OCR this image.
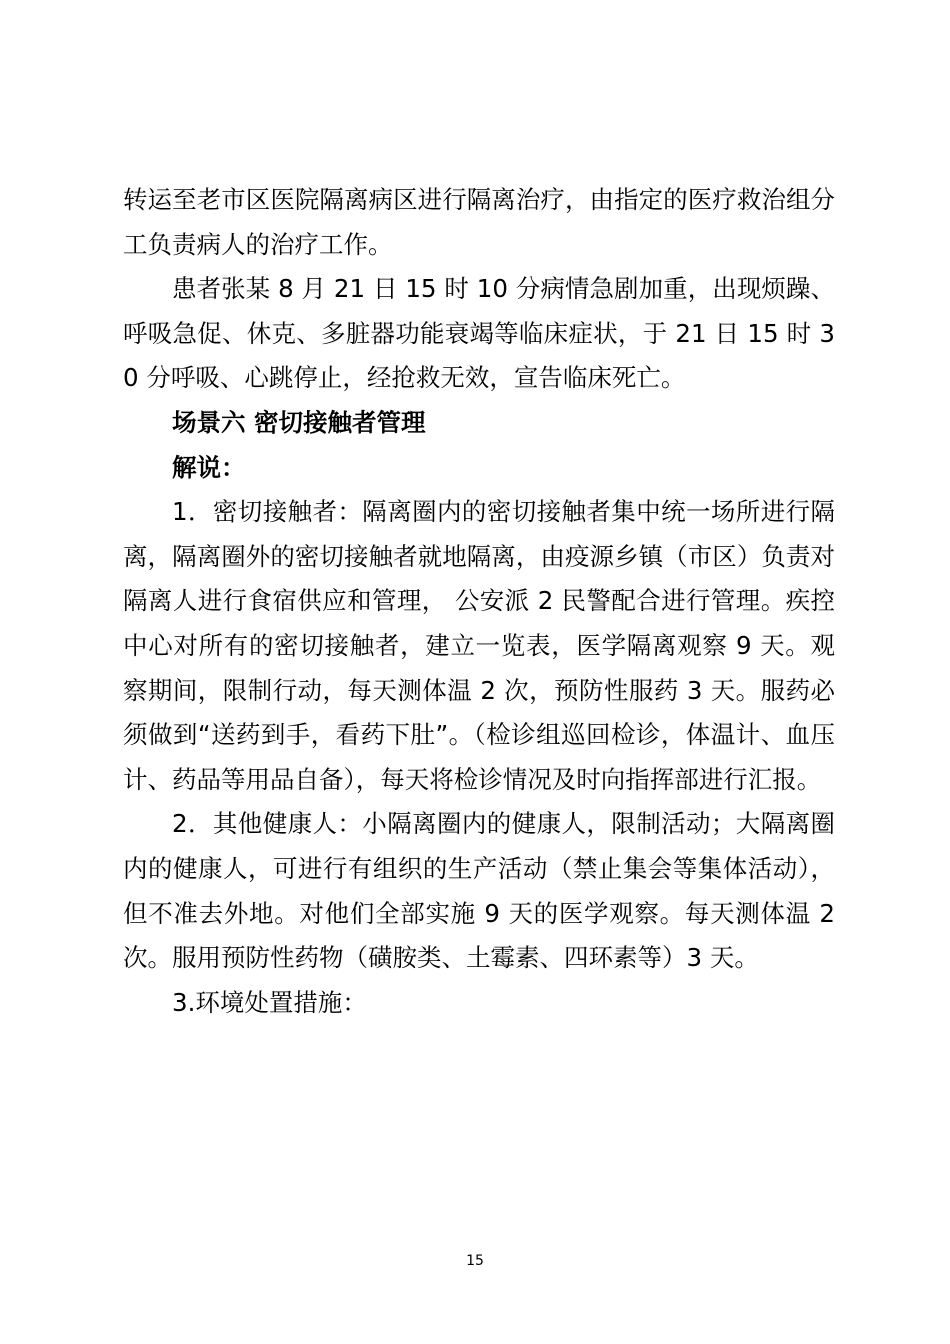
转运至老市区医院隔离病区进行隔离治疗，由指定的医疗救治组分工负责病人的治疗工作。

患者张某 8 月 21 日 15 时 10 分病情急剧加重，出现烦躁、呼吸急促、休克、多脏器功能衰竭等临床症状，于 21 日 15 时 30 分呼吸、心跳停止，经抢救无效，宣告临床死亡。

场景六 密切接触者管理

解说：

1．密切接触者：隔离圈内的密切接触者集中统一场所进行隔离，隔离圈外的密切接触者就地隔离，由疫源乡镇（市区）负责对隔离人进行食宿供应和管理， 公安派 2 民警配合进行管理。疾控中心对所有的密切接触者，建立一览表，医学隔离观察 9 天。观察期间，限制行动，每天测体温 2 次，预防性服药 3 天。服药必须做到“送药到手，看药下肚”。（检诊组巡回检诊，体温计、血压计、药品等用品自备），每天将检诊情况及时向指挥部进行汇报。

2．其他健康人：小隔离圈内的健康人，限制活动；大隔离圈内的健康人，可进行有组织的生产活动（禁止集会等集体活动），但不准去外地。对他们全部实施 9 天的医学观察。每天测体温 2 次。服用预防性药物（磺胺类、土霉素、四环素等）3 天。

3.环境处置措施：

15
